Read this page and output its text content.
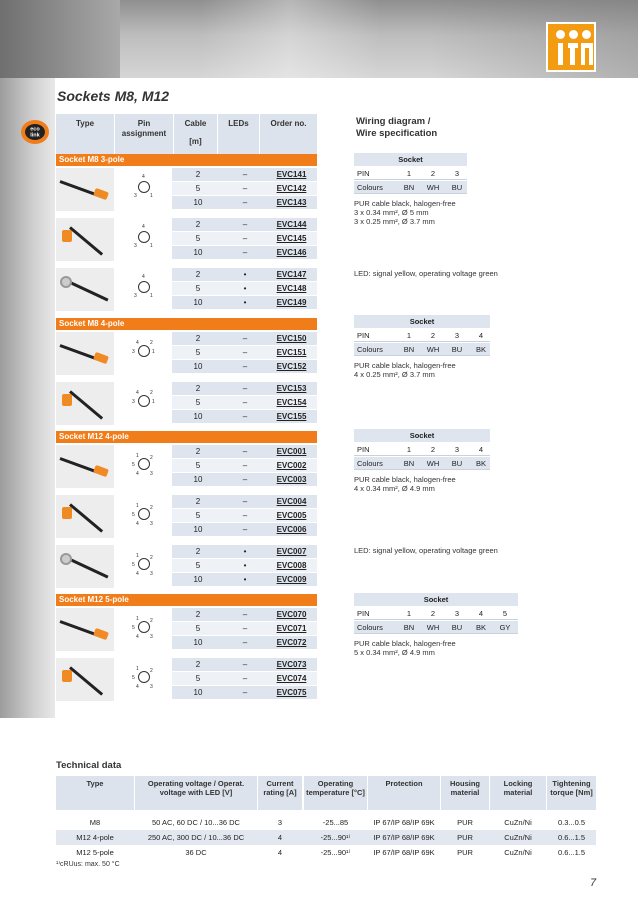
eco
link
Sockets M8, M12
Type	Pin assignment
Cable
[m]
LEDs	Order no.	Wiring diagram /
Wire specification
Socket
PIN	1	2	3
Colours	BN	WH	BU
PUR cable black, halogen-free
3 x 0.34 mm², Ø 5 mm
3 x 0.25 mm², Ø 3.7 mm
Socket
PIN	1	2	3	4
Colours	BN	WH	BU	BK
PUR cable black, halogen-free
4 x 0.25 mm², Ø 3.7 mm
Socket
PIN	1	2	3	4
Colours	BN	WH	BU	BK
PUR cable black, halogen-free
4 x 0.34 mm², Ø 4.9 mm
Socket
PIN	1	2	3	4	5
Colours	BN	WH	BU	BK	GY
PUR cable black, halogen-free
5 x 0.34 mm², Ø 4.9 mm
LED: signal yellow, operating voltage green
LED: signal yellow, operating voltage green
Technical data
Type	Operating voltage / Operat. voltage with LED [V]
Current rating [A]
Operating temperature [°C]
Protection	Housing material
Locking material
Tightening torque [Nm]
M8	50 AC, 60 DC / 10...36 DC	3	-25...85	IP 67/IP 68/IP 69K	PUR	CuZn/Ni	0.3...0.5
M12 4-pole	250 AC, 300 DC / 10...36 DC	4	-25...90¹⁾	IP 67/IP 68/IP 69K	PUR	CuZn/Ni	0.6...1.5
M12 5-pole	36 DC	4	-25...90¹⁾	IP 67/IP 68/IP 69K	PUR	CuZn/Ni	0.6...1.5
¹⁾cRUus: max. 50 °C
7
Socket M8 3-pole
4
3	1
2	–	EVC141
5	–	EVC142
10	–	EVC143
4
3	1
2	–	EVC144
5	–	EVC145
10	–	EVC146
4
3	1
2	•	EVC147
5	•	EVC148
10	•	EVC149
Socket M8 4-pole
4 2
3	1
2	–	EVC150
5	–	EVC151
10	–	EVC152
4 2
3	1
2	–	EVC153
5	–	EVC154
10	–	EVC155
Socket M12 4-pole
1 2
5
4 3
2	–	EVC001
5	–	EVC002
10	–	EVC003
1 2
5
4 3
2	–	EVC004
5	–	EVC005
10	–	EVC006
1 2
5
4 3
2	•	EVC007
5	•	EVC008
10	•	EVC009
Socket M12 5-pole
1 2
5
4 3
2	–	EVC070
5	–	EVC071
10	–	EVC072
1 2
5
4 3
2	–	EVC073
5	–	EVC074
10	–	EVC075
